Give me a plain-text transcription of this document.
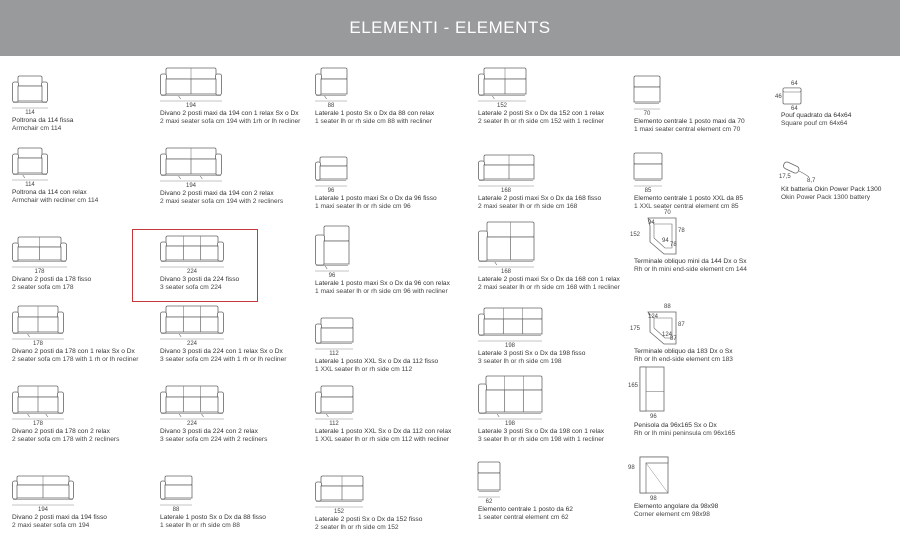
ELEMENTI - ELEMENTS
114
Poltrona da 114 fissa
Armchair cm 114
114
Poltrona da 114 con relax
Armchair with recliner cm 114
178
Divano 2 posti da 178 fisso
2 seater sofa cm 178
178
Divano 2 posti da 178 con 1 relax Sx o Dx
2 seater sofa cm 178 with 1 rh or lh recliner
178
Divano 2 posti da 178 con 2 relax
2 seater sofa cm 178 with 2 recliners
194
Divano 2 posti maxi da 194 fisso
2 maxi seater sofa cm 194
194
Divano 2 posti maxi da 194 con 1 relax Sx o Dx
2 maxi seater sofa cm 194 with 1rh or lh recliner
194
Divano 2 posti maxi da 194 con 2 relax
2 maxi seater sofa cm 194 with 2 recliners
224
Divano 3 posti da 224 fisso
3 seater sofa cm 224
224
Divano 3 posti da 224 con 1 relax Sx o Dx
3 seater sofa cm 224 with 1 rh or lh recliner
224
Divano 3 posti da 224 con 2 relax
3 seater sofa cm 224 with 2 recliners
88
Laterale 1 posto Sx o Dx da 88 fisso
1 seater lh or rh side cm 88
88
Laterale 1 posto Sx o Dx da 88 con relax
1 seater lh or rh side cm 88 with recliner
96
Laterale 1 posto maxi Sx o Dx da 96 fisso
1 maxi seater lh or rh side cm 96
96
Laterale 1 posto maxi Sx o Dx da 96 con relax
1 maxi seater lh or rh side cm 96 with recliner
112
Laterale 1 posto XXL Sx o Dx da 112 fisso
1 XXL seater lh or rh side cm 112
112
Laterale 1 posto XXL Sx o Dx da 112 con relax
1 XXL seater lh or rh side cm 112 with recliner
152
Laterale 2 posti Sx o Dx da 152 fisso
2 seater lh or rh side cm 152
152
Laterale 2 posti Sx o Dx da 152 con 1 relax
2 seater lh or rh side cm 152 with 1 recliner
168
Laterale 2 posti maxi Sx o Dx da 168 fisso
2 maxi seater lh or rh side cm 168
168
Laterale 2 posti maxi Sx o Dx da 168 con 1 relax
2 maxi seater lh or rh side cm 168 with 1 recliner
198
Laterale 3 posti Sx o Dx da 198 fisso
3 seater lh or rh side cm 198
198
Laterale 3 posti Sx o Dx da 198 con 1 relax
3 seater lh or rh side cm 198 with 1 recliner
62
Elemento centrale 1 posto da 62
1 seater central element cm 62
70
Elemento centrale 1 posto maxi da 70
1 maxi seater central element cm 70
85
Elemento centrale 1 posto XXL da 85
1 XXL seater central element cm 85
70
152
94
94
78
78
Terminale obliquo mini da 144 Dx o Sx
Rh or lh mini end-side element cm 144
88
175
124
124
87
87
Terminale obliquo da 183 Dx o Sx
Rh or lh end-side element cm 183
165
96
Penisola da 96x165 Sx o Dx
Rh or lh mini peninsula cm 96x165
98
98
Elemento angolare da 98x98
Corner element cm 98x98
46
64
64
Pouf quadrato da 64x64
Square pouf cm 64x64
17,5
8,7
Kit batteria Okin Power Pack 1300
Okin Power Pack 1300 battery
